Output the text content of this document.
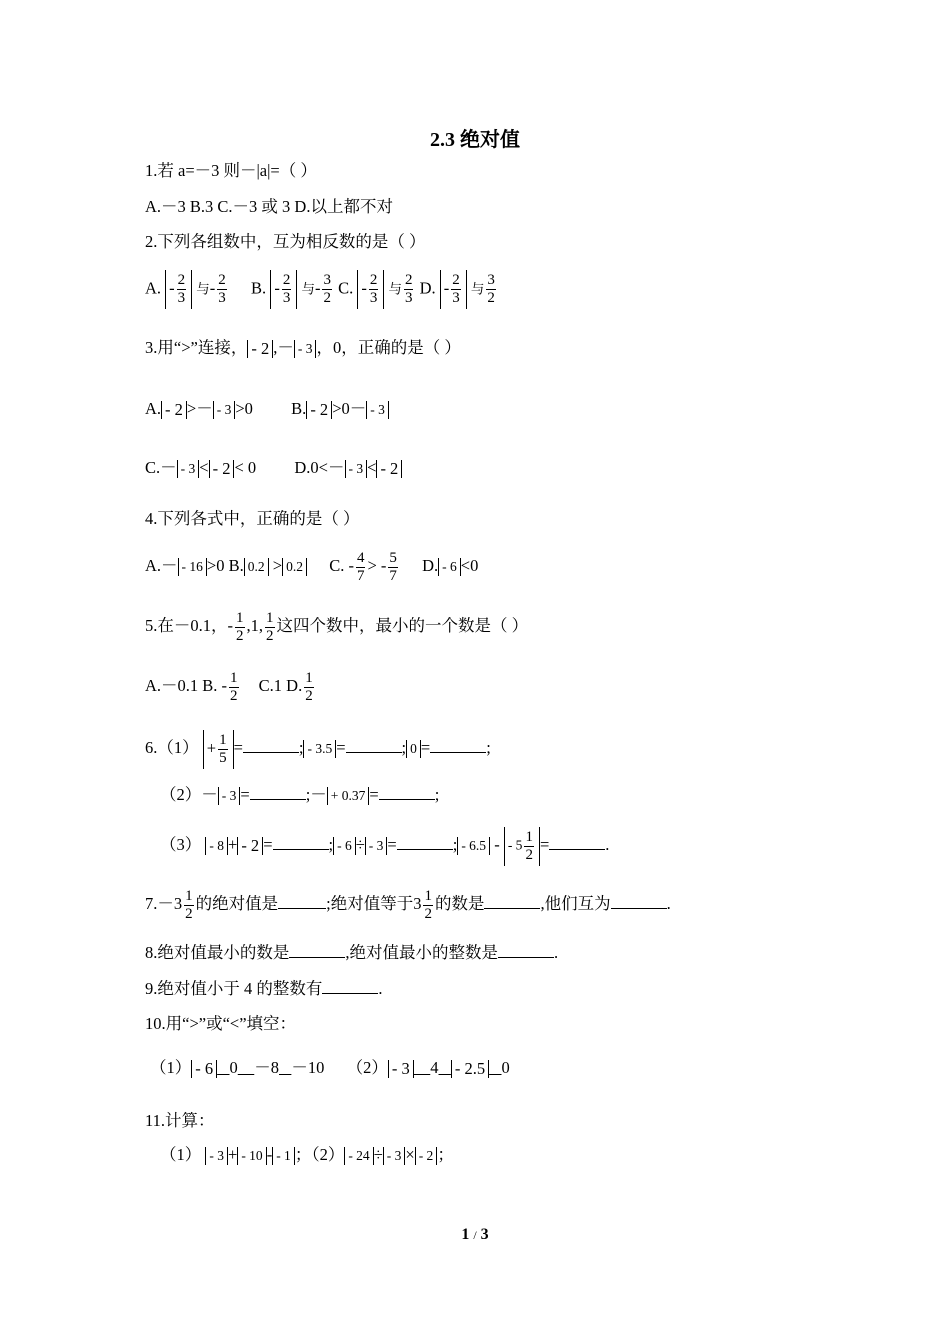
2.3 绝对值
1.若 a=－3 则－|a|=（ ）
A.－3 B.3 C.－3 或 3 D.以上都不对
2.下列各组数中，互为相反数的是（ ）
A. - $\frac{2}{3}$ 与- $\frac{2}{3} B$. - $\frac{2}{3}$ 与- $\frac{3}{2} C$. - $\frac{2}{3}$ 与 $\frac{2}{3} D$. - $\frac{2}{3}$ 与 $\frac{3}{2}$
3.用“>”连接， - 2 ,－ - 3 ，0，正确的是（ ）
A. - 2 >－ - 3 >0 B. - 2 >0－ - 3
C.－ - 3 < - 2 < 0 D.0<－ - 3 < - 2
4.下列各式中，正确的是（ ）
A.－ - 16 >0 B. 0.2 > 0.2 C. - $\frac{4}{7}$ > - $\frac{5}{7} D$. - 6 <0
5.在－0.1，- $\frac{1}{2} ,1$, $\frac{1}{2}$ 这四个数中，最小的一个数是（ ）
A.－0.1 B. - $\frac{1}{2} C.1$ D. $\frac{1}{2}$
$6.(1) + \frac{1}{5}$ =	; - 3.5 =	; 0 =	;
（2）－ - 3 =	;－ + 0.37 =	;
（3） - 8 + - 2 =	; - 6 ÷ - 3 =	; - 6.5 - - $5 \frac{1}{2}$ =	.
$7.-3 \frac{1}{2}$ 的绝对值是	;绝对值等于$3 \frac{1}{2}$ 的数是	,他们互为	.
8.绝对值最小的数是	,绝对值最小的整数是	.
9.绝对值小于 4 的整数有	.
10.用“>”或“<”填空：
（1） - 6 0 －8 －10 （2） - 3 4 - 2.5 0
11.计算：
（1） - 3 + - 10 - - 1 ；（2） - 24 ÷ - 3 × - 2 ；
1 / 3
